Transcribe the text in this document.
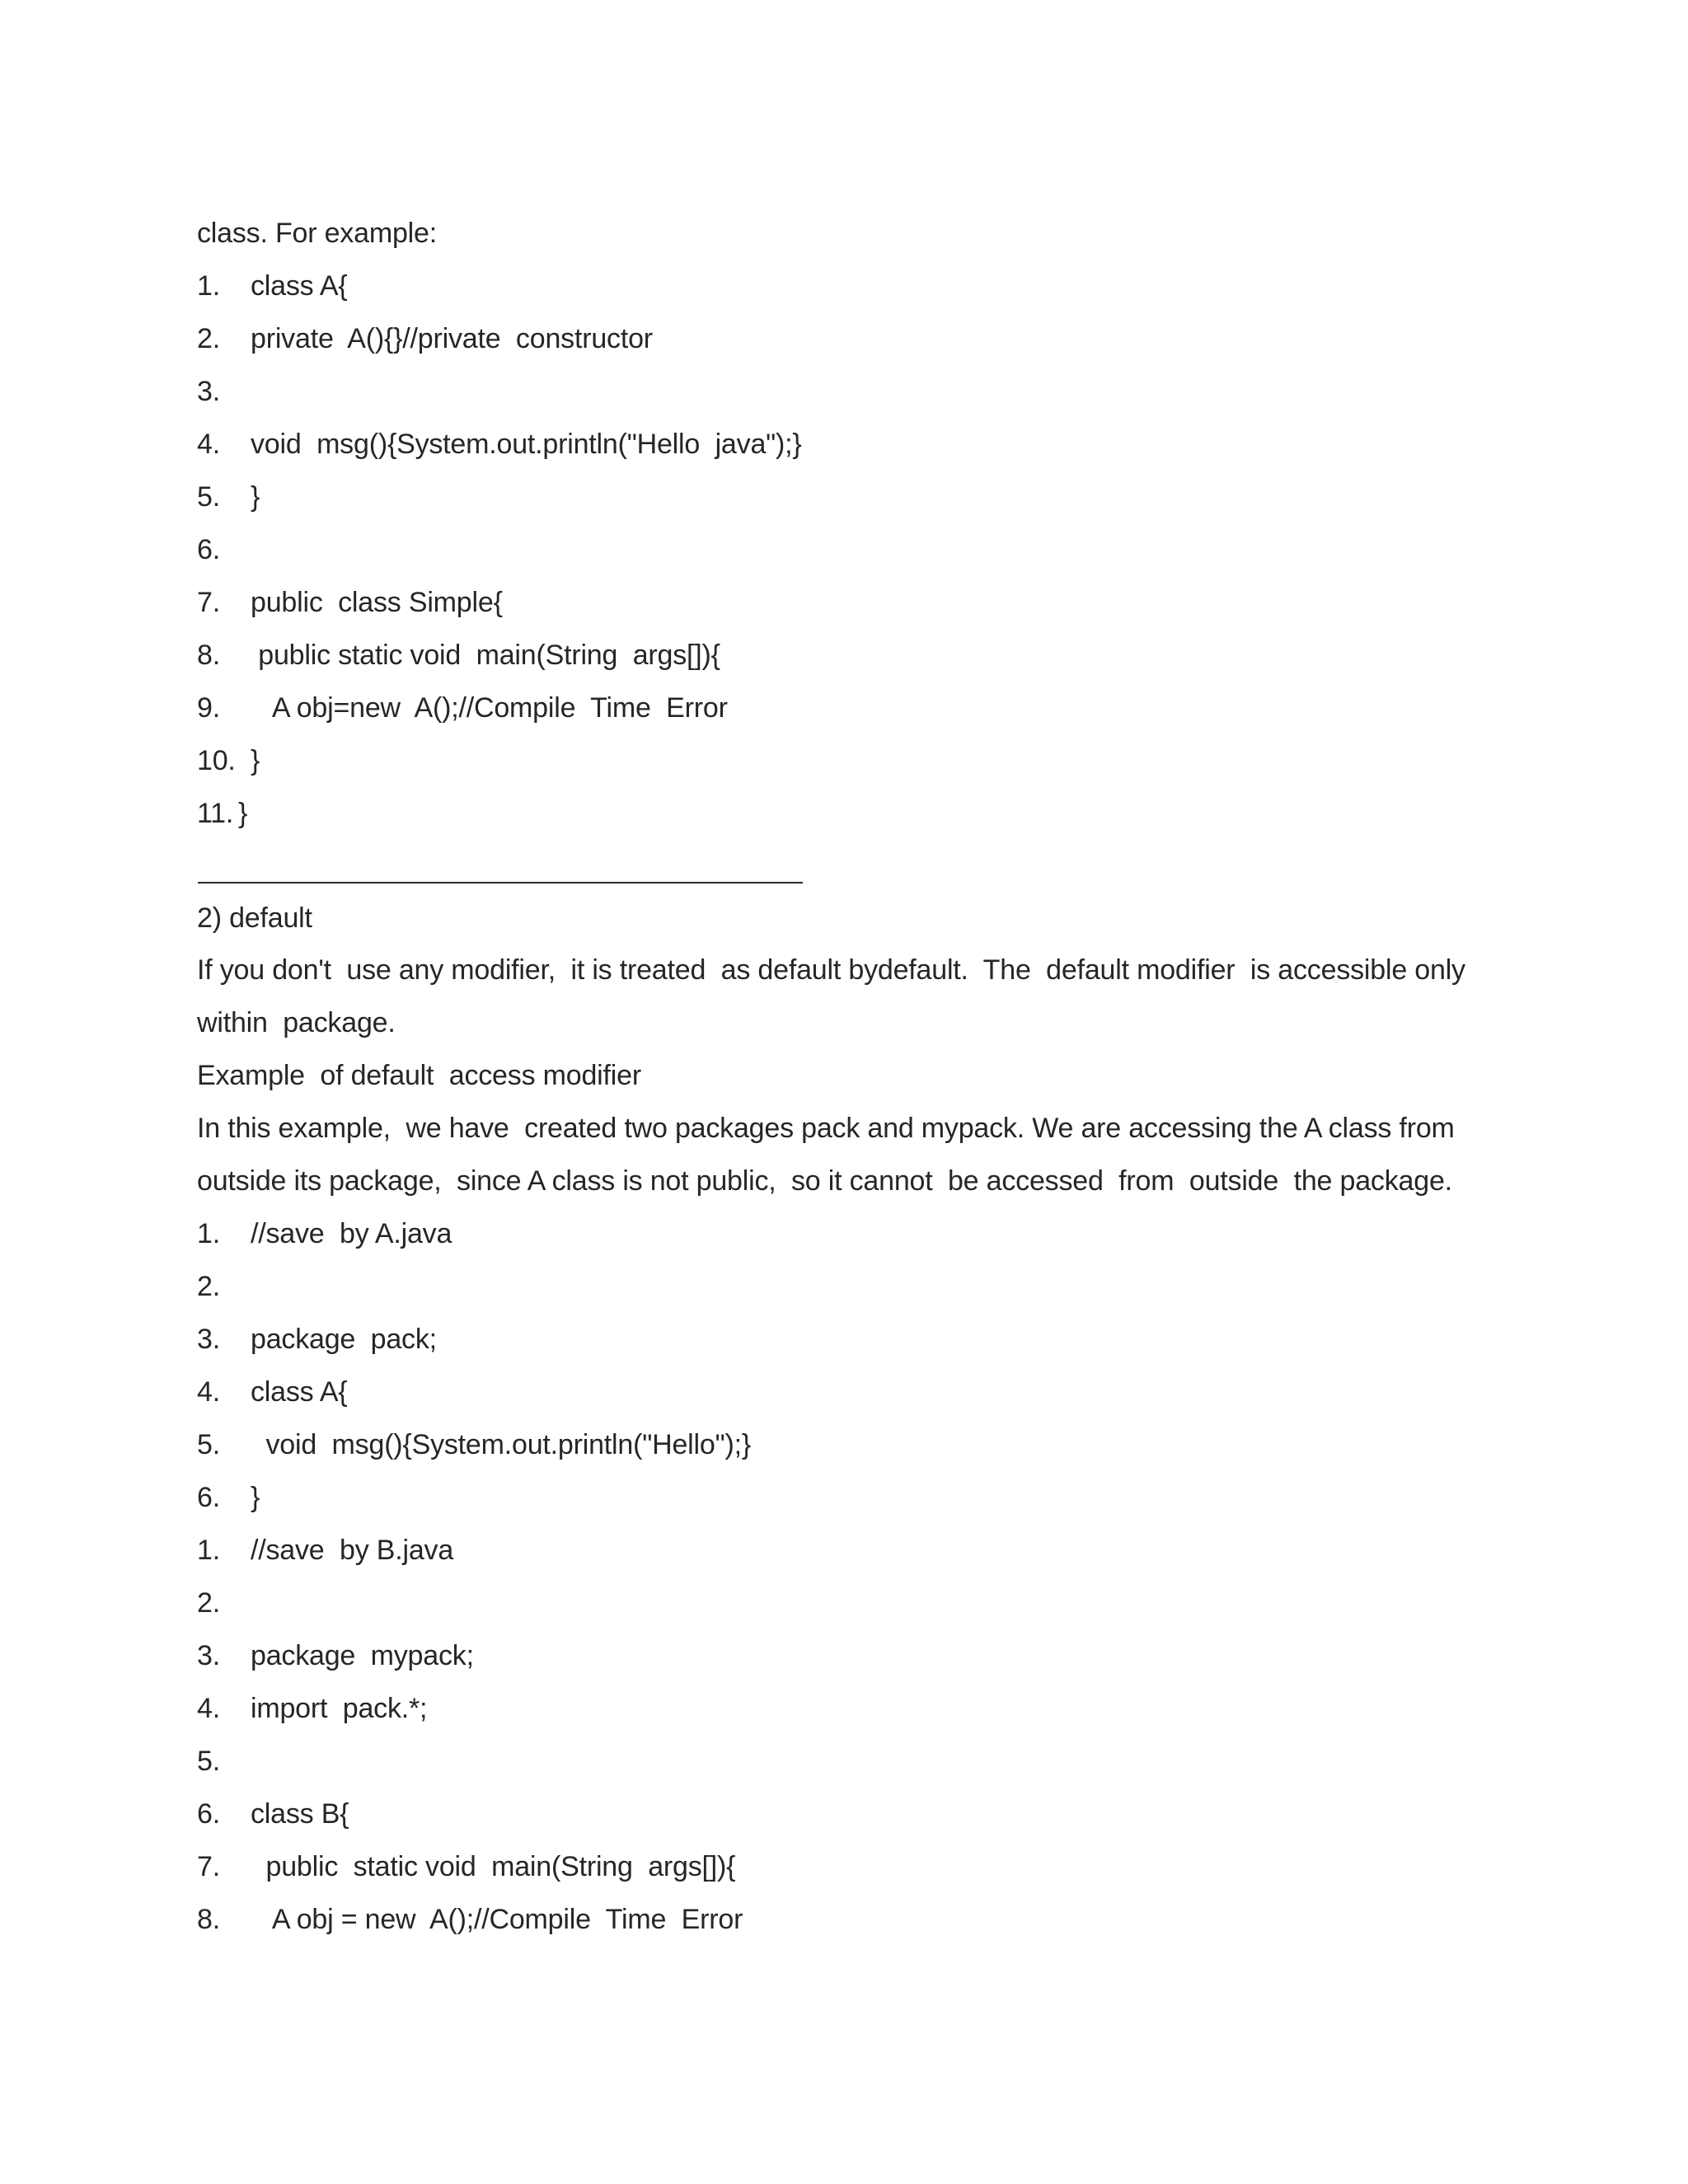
class. For example:

1.

class A{

2.

private  A(){}//private  constructor

3.

4.

void  msg(){System.out.println("Hello  java");}

5.

}

6.

7.

public  class Simple{

8.

public static void  main(String  args[]){

9.

A obj=new  A();//Compile  Time  Error

10.

}

11.

}

2) default
If you don't  use any modifier,  it is treated  as default bydefault.  The  default modifier  is accessible only
within  package.
Example  of default  access modifier
In this example,  we have  created two packages pack and mypack. We are accessing the A class from
outside its package,  since A class is not public,  so it cannot  be accessed  from  outside  the package.

1.

//save  by A.java

2.

3.

package  pack;

4.

class A{

5.

void  msg(){System.out.println("Hello");}

6.

}

1.

//save  by B.java

2.

3.

package  mypack;

4.

import  pack.*;

5.

6.

class B{

7.

public  static void  main(String  args[]){

8.

A obj = new  A();//Compile  Time  Error
